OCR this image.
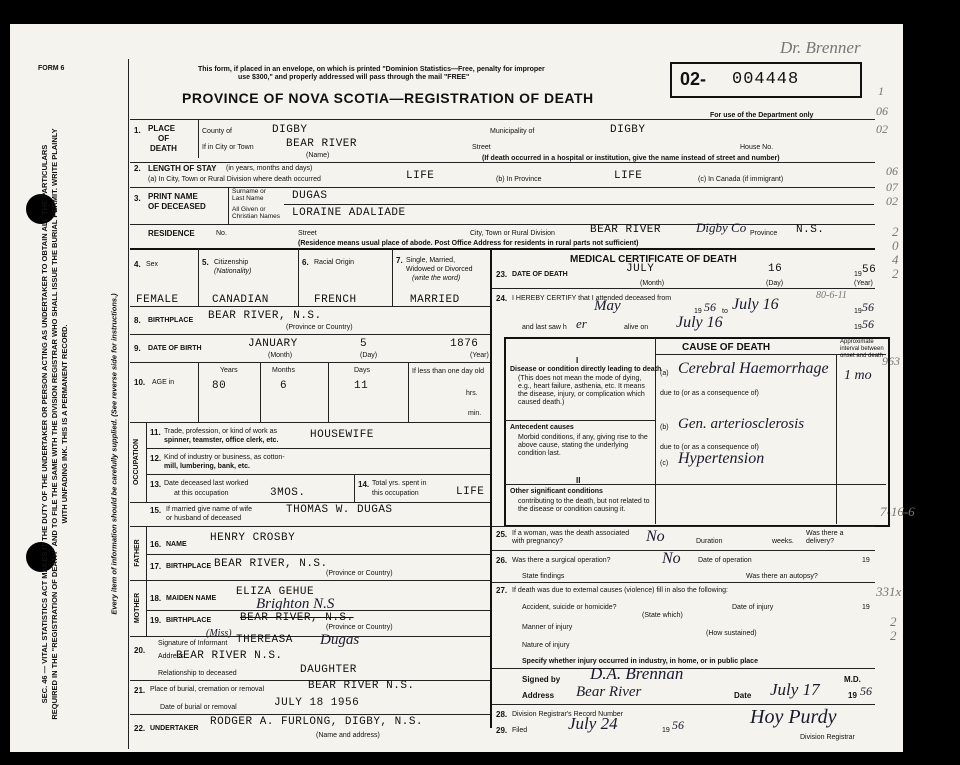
FORM 6	This form, if placed in an envelope, on which is printed "Dominion Statistics—Free, penalty for improper
use $300," and properly addressed will pass through the mail "FREE"
PROVINCE OF NOVA SCOTIA—REGISTRATION OF DEATH
02- 004448
For use of the Department only
Dr. Brenner
1
06
02
06
07
02
2
0
4
2
963
7-16-6
331x
2
2
SEC. 46 — VITAL STATISTICS ACT MAKES IT THE DUTY OF THE UNDERTAKER OR PERSON ACTING AS UNDERTAKER TO OBTAIN ALL THE PARTICULARS REQUIRED IN THE "REGISTRATION OF DEATH" AND TO FILE THE SAME WITH THE DIVISION REGISTRAR WHO SHALL ISSUE THE BURIAL PERMIT. WRITE PLAINLY WITH UNFADING INK. THIS IS A PERMANENT RECORD.	Every item of information should be carefully supplied. (See reverse side for instructions.)
1. PLACE
OF
DEATH
County of	DIGBY	Municipality of	DIGBY
If in City or Town	BEAR RIVER
(Name)
Street	House No.
(If death occurred in a hospital or institution, give the name instead of street and number)
2. LENGTH OF STAY (in years, months and days)
(a) In City, Town or Rural Division where death occurred	LIFE	(b) In Province	LIFE	(c) In Canada (if immigrant)
3. PRINT NAME
OF DECEASED
Surname or Last Name	DUGAS
All Given or Christian Names LORAINE ADALIADE
RESIDENCE	No.	Street	City, Town or Rural Division	BEAR RIVER	Digby Co Province N.S.
(Residence means usual place of abode. Post Office Address for residents in rural parts not sufficient)
4. Sex	5. Citizenship
(Nationality)
6. Racial Origin	7. Single, Married,
Widowed or Divorced
(write the word)
FEMALE	CANADIAN	FRENCH	MARRIED
8. BIRTHPLACE BEAR RIVER, N.S.
(Province or Country)
9. DATE OF BIRTH	JANUARY	5	1876
(Month)	(Day)	(Year)
10. AGE in
Years	Months	Days	If less than one day old
hrs.
min.
80	6	11
OCCUPATION
11. Trade, profession, or kind of work as
spinner, teamster, office clerk, etc.	HOUSEWIFE
12. Kind of industry or business, as cotton-
mill, lumbering, bank, etc.
13. Date deceased last worked
at this occupation	3MOS.
14. Total yrs. spent in
this occupation	LIFE
15. If married give name of wife
or husband of deceased
THOMAS W. DUGAS
FATHER 16. NAME
HENRY CROSBY
17. BIRTHPLACE BEAR RIVER, N.S.
(Province or Country)
MOTHER 18. MAIDEN NAME
ELIZA GEHUE
Brighton N.S
19. BIRTHPLACE	BEAR RIVER, N.S.
(Province or Country)
20.
Signature of Informant
(Miss)
THEREASA Dugas
Address
BEAR RIVER N.S.
Relationship to deceased	DAUGHTER
21. Place of burial, cremation or removal	BEAR RIVER N.S.
Date of burial or removal	JULY 18 1956
22. UNDERTAKER
RODGER A. FURLONG, DIGBY, N.S.
(Name and address)
MEDICAL CERTIFICATE OF DEATH
23. DATE OF DEATH	JULY	16	19 56
(Month)	(Day)	(Year)
24. I HEREBY CERTIFY that I attended deceased from
May	19 56 to July 16	19 56
80-6-11
and last saw h er	alive on July 16	19 56
CAUSE OF DEATH
I
Disease or condition directly leading to death
(This does not mean the mode of dying, e.g., heart failure, asthenia, etc. It means the disease, injury, or complication which caused death.)
(a) Cerebral Haemorrhage
due to (or as a consequence of)
Approximate interval between onset and death
1 mo
Antecedent causes
Morbid conditions, if any, giving rise to the above cause, stating the underlying condition last.
(b) Gen. arteriosclerosis
due to (or as a consequence of)
(c) Hypertension
II
Other significant conditions
contributing to the death, but not related to the disease or condition causing it.
25. If a woman, was the death associated with pregnancy?	No	Duration	weeks.
Was there a delivery?
26. Was there a surgical operation?	No Date of operation	19
State findings	Was there an autopsy?
27. If death was due to external causes (violence) fill in also the following:
Accident, suicide or homicide?
(State which)
Date of injury	19
Manner of injury
(How sustained)
Nature of injury
Specify whether injury occurred in industry, in home, or in public place
Signed by D.A. Brennan	M.D.
Address Bear River	Date July 17	19 56
28. Division Registrar's Record Number
29. Filed July 24	19 56	Hoy Purdy
Division Registrar
